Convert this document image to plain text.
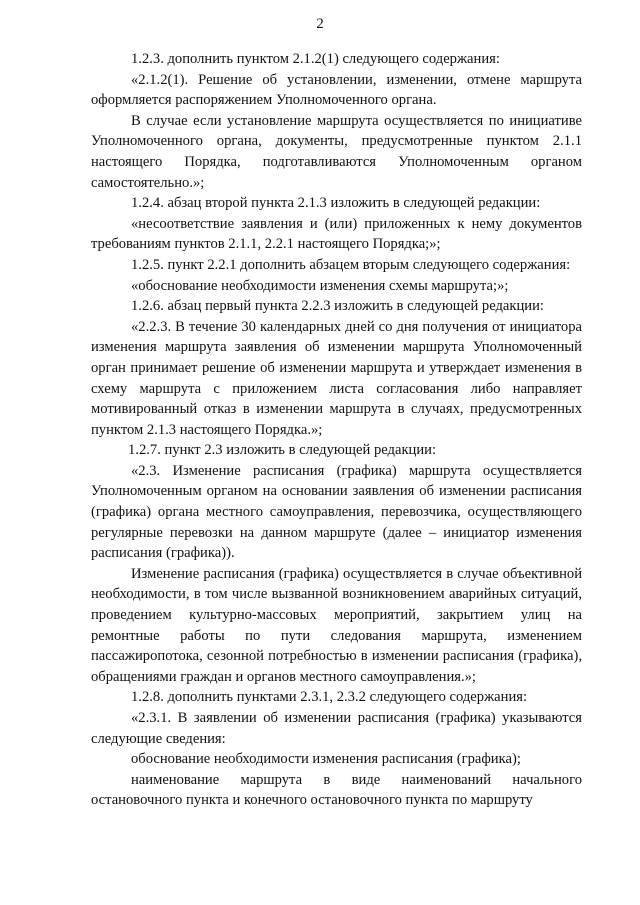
2

1.2.3. дополнить пунктом 2.1.2(1) следующего содержания:

«2.1.2(1). Решение об установлении, изменении, отмене маршрута оформляется распоряжением Уполномоченного органа.

В случае если установление маршрута осуществляется по инициативе Уполномоченного органа, документы, предусмотренные пунктом 2.1.1 настоящего Порядка, подготавливаются Уполномоченным органом самостоятельно.»;

1.2.4. абзац второй пункта 2.1.3 изложить в следующей редакции:

«несоответствие заявления и (или) приложенных к нему документов требованиям пунктов 2.1.1, 2.2.1 настоящего Порядка;»;

1.2.5. пункт 2.2.1 дополнить абзацем вторым следующего содержания:

«обоснование необходимости изменения схемы маршрута;»;

1.2.6. абзац первый пункта 2.2.3 изложить в следующей редакции:

«2.2.3. В течение 30 календарных дней со дня получения от инициатора изменения маршрута заявления об изменении маршрута Уполномоченный орган принимает решение об изменении маршрута и утверждает изменения в схему маршрута с приложением листа согласования либо направляет мотивированный отказ в изменении маршрута в случаях, предусмотренных пунктом 2.1.3 настоящего Порядка.»;

1.2.7. пункт 2.3 изложить в следующей редакции:

«2.3. Изменение расписания (графика) маршрута осуществляется Уполномоченным органом на основании заявления об изменении расписания (графика) органа местного самоуправления, перевозчика, осуществляющего регулярные перевозки на данном маршруте (далее – инициатор изменения расписания (графика)).

Изменение расписания (графика) осуществляется в случае объективной необходимости, в том числе вызванной возникновением аварийных ситуаций, проведением культурно-массовых мероприятий, закрытием улиц на ремонтные работы по пути следования маршрута, изменением пассажиропотока, сезонной потребностью в изменении расписания (графика), обращениями граждан и органов местного самоуправления.»;

1.2.8. дополнить пунктами 2.3.1, 2.3.2 следующего содержания:

«2.3.1. В заявлении об изменении расписания (графика) указываются следующие сведения:

обоснование необходимости изменения расписания (графика);

наименование маршрута в виде наименований начального остановочного пункта и конечного остановочного пункта по маршруту
